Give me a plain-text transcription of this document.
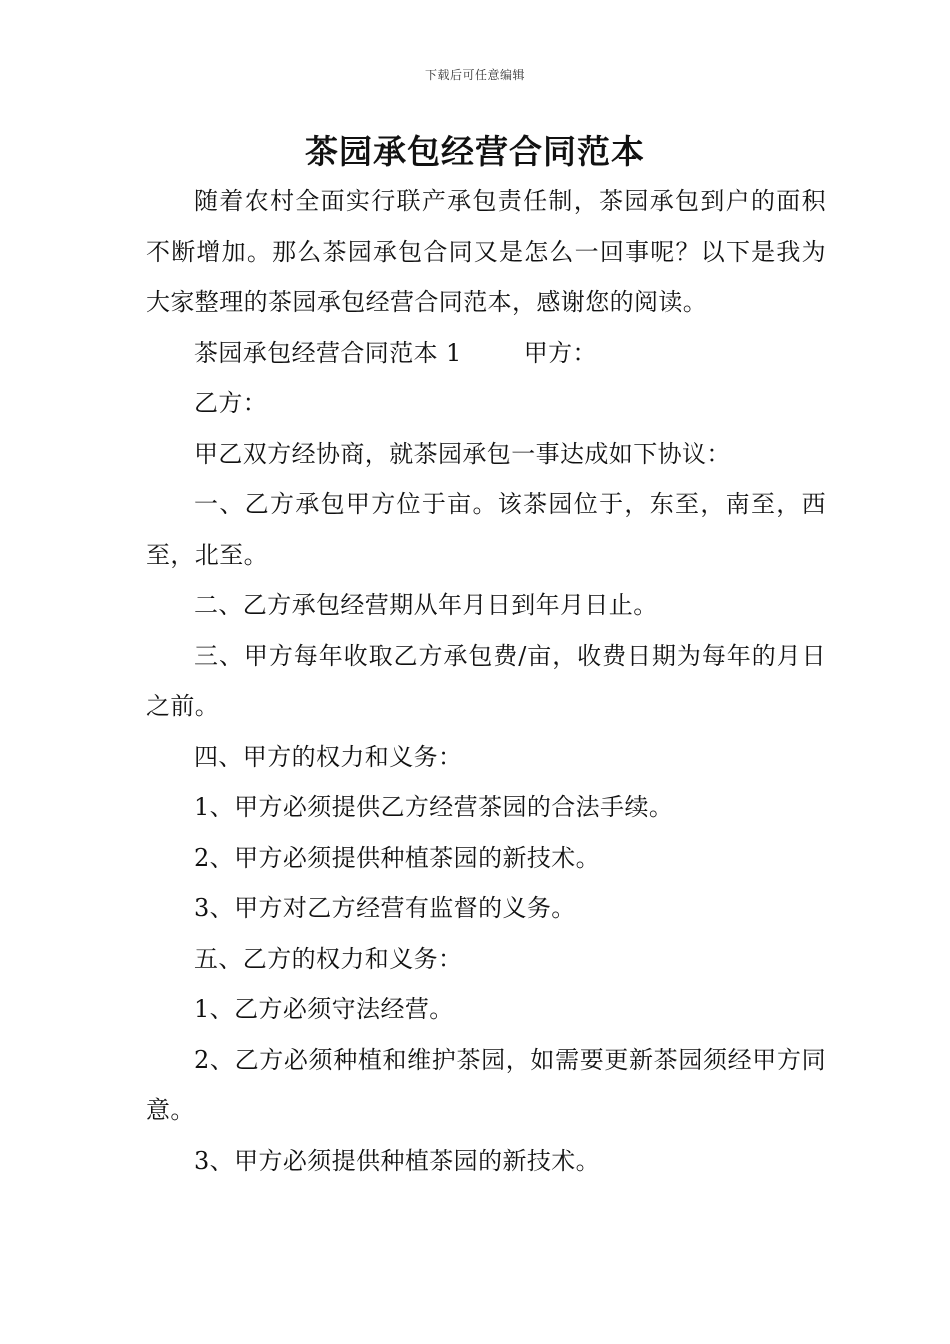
下载后可任意编辑
茶园承包经营合同范本

随着农村全面实行联产承包责任制，茶园承包到户的面积不断增加。那么茶园承包合同又是怎么一回事呢？以下是我为大家整理的茶园承包经营合同范本，感谢您的阅读。

茶园承包经营合同范本 1	甲方：

乙方：

甲乙双方经协商，就茶园承包一事达成如下协议：

一、乙方承包甲方位于亩。该茶园位于，东至，南至，西至，北至。

二、乙方承包经营期从年月日到年月日止。

三、甲方每年收取乙方承包费/亩，收费日期为每年的月日之前。

四、甲方的权力和义务：

1、甲方必须提供乙方经营茶园的合法手续。

2、甲方必须提供种植茶园的新技术。

3、甲方对乙方经营有监督的义务。

五、乙方的权力和义务：

1、乙方必须守法经营。

2、乙方必须种植和维护茶园，如需要更新茶园须经甲方同意。

3、甲方必须提供种植茶园的新技术。
